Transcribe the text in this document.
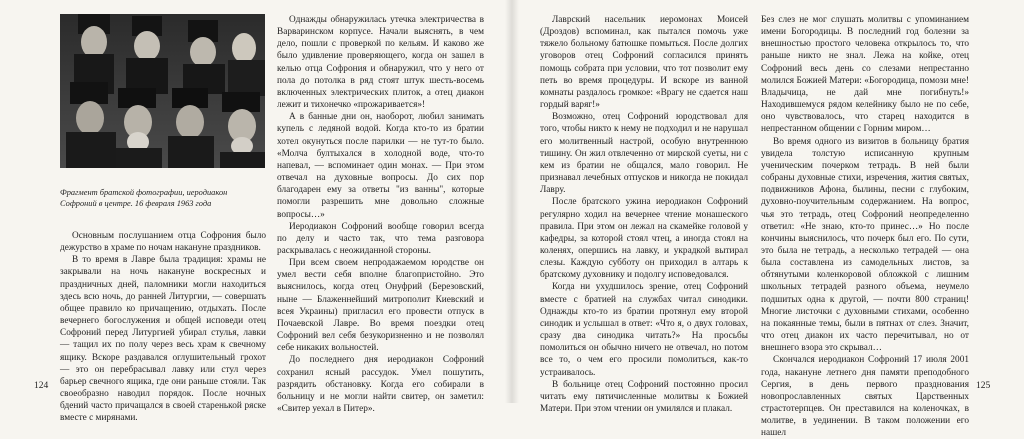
Фрагмент братской фотографии, иеродиакон Софроний в центре. 16 февраля 1963 года

Основным послушанием отца Софрония было дежурство в храме по ночам накануне праздников.

В то время в Лавре была традиция: храмы не закрывали на ночь накануне воскресных и праздничных дней, паломники могли находиться здесь всю ночь, до ранней Литургии, — совершать общее правило ко причащению, отдыхать. После вечернего богослужения и общей исповеди отец Софроний перед Литургией убирал стулья, лавки — тащил их по полу через весь храм к свечному ящику. Вскоре раздавался оглушительный грохот — это он перебрасывал лавку или стул через барьер свечного ящика, где они раньше стояли. Так своеобразно наводил порядок. После ночных бдений часто причащался в своей старенькой ряске вместе с мирянами.

Однажды обнаружилась утечка электричества в Варваринском корпусе. Начали выяснять, в чем дело, пошли с проверкой по кельям. И каково же было удивление проверяющего, когда он зашел в келью отца Софрония и обнаружил, что у него от пола до потолка в ряд стоят штук шесть-восемь включенных электрических плиток, а отец диакон лежит и тихонечко «прожаривается»!

А в банные дни он, наоборот, любил занимать купель с ледяной водой. Когда кто-то из братии хотел окунуться после парилки — не тут-то было. «Молча бултыхался в холодной воде, что-то напевал, — вспоминает один монах. — При этом отвечал на духовные вопросы. До сих пор благодарен ему за ответы "из ванны", которые помогли разрешить мне довольно сложные вопросы…»

Иеродиакон Софроний вообще говорил всегда по делу и часто так, что тема разговора раскрывалась с неожиданной стороны.

При всем своем непродажаемом юродстве он умел вести себя вполне благопристойно. Это выяснилось, когда отец Онуфрий (Березовский, ныне — Блаженнейший митрополит Киевский и всея Украины) пригласил его провести отпуск в Почаевской Лавре. Во время поездки отец Софроний вел себя безукоризненно и не позволял себе никаких вольностей.

До последнего дня иеродиакон Софроний сохранил ясный рассудок. Умел пошутить, разрядить обстановку. Когда его собирали в больницу и не могли найти свитер, он заметил: «Свитер уехал в Питер».

124

Лаврский насельник иеромонах Моисей (Дроздов) вспоминал, как пытался помочь уже тяжело больному батюшке помыться. После долгих уговоров отец Софроний согласился принять помощь собрата при условии, что тот позволит ему петь во время процедуры. И вскоре из ванной комнаты раздалось громкое: «Врагу не сдается наш гордый варяг!»

Возможно, отец Софроний юродствовал для того, чтобы никто к нему не подходил и не нарушал его молитвенный настрой, особую внутреннюю тишину. Он жил отвлеченно от мирской суеты, ни с кем из братии не общался, мало говорил. Не признавал лечебных отпусков и никогда не покидал Лавру.

После братского ужина иеродиакон Софроний регулярно ходил на вечернее чтение монашеского правила. При этом он лежал на скамейке головой у кафедры, за которой стоял чтец, а иногда стоял на коленях, опершись на лавку, и украдкой вытирал слезы. Каждую субботу он приходил в алтарь к братскому духовнику и подолгу исповедовался.

Когда ни ухудшилось зрение, отец Софроний вместе с братией на службах читал синодики. Однажды кто-то из братии протянул ему второй синодик и услышал в ответ: «Что я, о двух головах, сразу два синодика читать?» На просьбы помолиться он обычно ничего не отвечал, но потом все то, о чем его просили помолиться, как-то устраивалось.

В больнице отец Софроний постоянно просил читать ему пятичисленные молитвы к Божией Матери. При этом чтении он умилялся и плакал.

Без слез не мог слушать молитвы с упоминанием имени Богородицы. В последний год болезни за внешностью простого человека открылось то, что раньше никто не знал. Лежа на койке, отец Софроний весь день со слезами непрестанно молился Божией Матери: «Богородица, помози мне! Владычица, не дай мне погибнуть!» Находившемуся рядом келейнику было не по себе, оно чувствовалось, что старец находится в непрестанном общении с Горним миром…

Во время одного из визитов в больницу братия увидела толстую исписанную крупным ученическим почерком тетрадь. В ней были собраны духовные стихи, изречения, жития святых, подвижников Афона, былины, песни с глубоким, духовно-поучительным содержанием. На вопрос, чья это тетрадь, отец Софроний неопределенно ответил: «Не знаю, кто-то принес…» Но после кончины выяснилось, что почерк был его. По сути, это была не тетрадь, а несколько тетрадей — она была составлена из самодельных листов, за обтянутыми коленкоровой обложкой с лишним школьных тетрадей разного объема, неумело подшитых одна к другой, — почти 800 страниц! Многие листочки с духовными стихами, особенно на покаянные темы, были в пятнах от слез. Значит, что отец диакон их часто перечитывал, но от внешнего взора это скрывал…

Скончался иеродиакон Софроний 17 июля 2001 года, накануне летнего дня памяти преподобного Сергия, в день первого празднования новопрославленных святых Царственных страстотерпцев. Он преставился на коленочках, в молитве, в уединении. В таком положении его нашел

125
